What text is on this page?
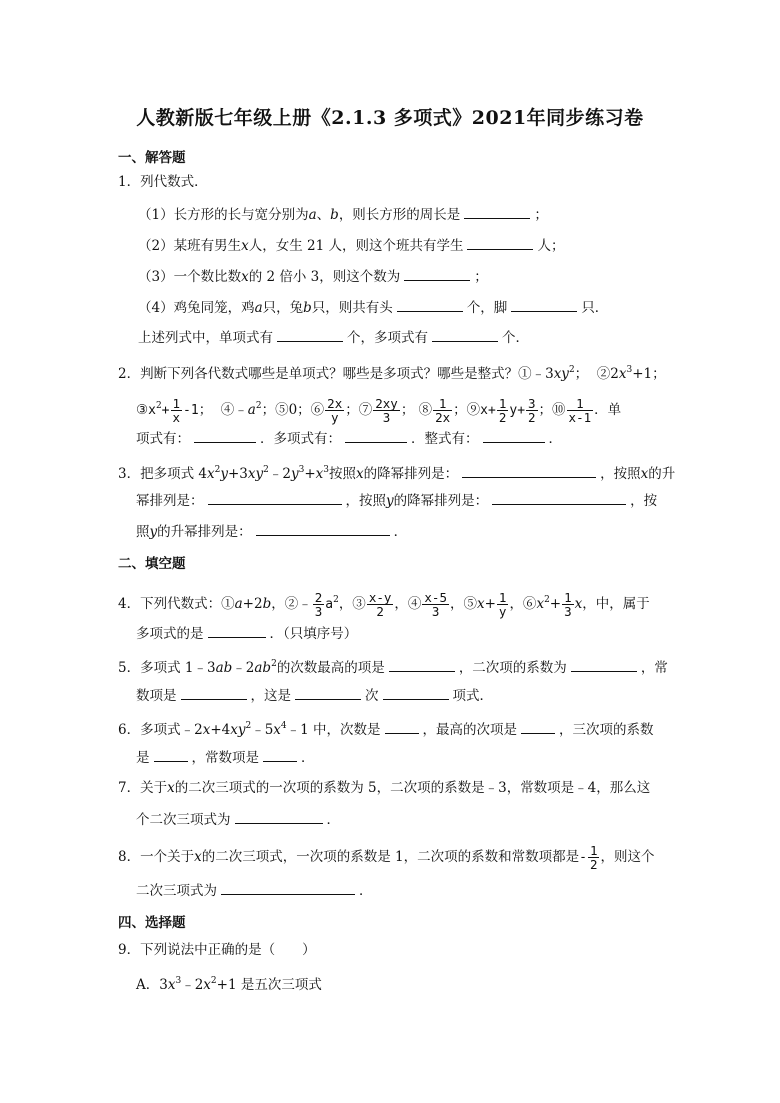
人教新版七年级上册《2.1.3 多项式》2021年同步练习卷
一、解答题
1．列代数式．
（1）长方形的长与宽分别为a、b，则长方形的周长是	；
（2）某班有男生x人，女生 21 人，则这个班共有学生	人；
（3）一个数比数x的 2 倍小 3，则这个数为	；
（4）鸡兔同笼，鸡a只，兔b只，则共有头	个，脚	只．
上述列式中，单项式有	个，多项式有	个．
2．判断下列各代数式哪些是单项式？哪些是多项式？哪些是整式？$①﹣3xy^2$； $②2x^3+1$；
$③x^2+ \frac{1}{x} -1$； $④﹣a^2$；⑤0；⑥ $\frac{2x}{y}$ ；⑦ $\frac{2xy}{3}$ ； ⑧ $\frac{1}{2x}$ ；⑨x+ $\frac{1}{2} y+ \frac{3}{2}$ ；⑩ $\frac{1}{x-1}$ ．单
项式有：	．多项式有：	．整式有：	．
3．把多项式 $4x^2y+3xy^2﹣2y^3+x^3$按照x的降幂排列是：	，按照x的升
幂排列是：	，按照y的降幂排列是：	，按
照y的升幂排列是：	．
二、填空题
4．下列代数式：①a+2b，②﹣ $\frac{2}{3} a^2$，③ $\frac{x-y}{2}$ ，④ $\frac{x-5}{3}$ ，⑤x+ $\frac{1}{y}$ ，$⑥x^2+ \frac{1}{3}$ x，中，属于
多项式的是	．（只填序号）
5．多项式 $1﹣3ab﹣2ab^2$的次数最高的项是	，二次项的系数为	，常
数项是	，这是	次	项式．
6．多项式$﹣2x+4xy^2﹣5x^4﹣1$ 中，次数是	，最高的次项是	，三次项的系数
是	，常数项是	．
7．关于x的二次三项式的一次项的系数为 5，二次项的系数是﹣3，常数项是﹣4，那么这
个二次三项式为	．
8．一个关于x的二次三项式，一次项的系数是 1，二次项的系数和常数项都是- $\frac{1}{2}$ ，则这个
二次三项式为	．
四、选择题
9．下列说法中正确的是（　　）
A．$3x^3﹣2x^2+1$ 是五次三项式
